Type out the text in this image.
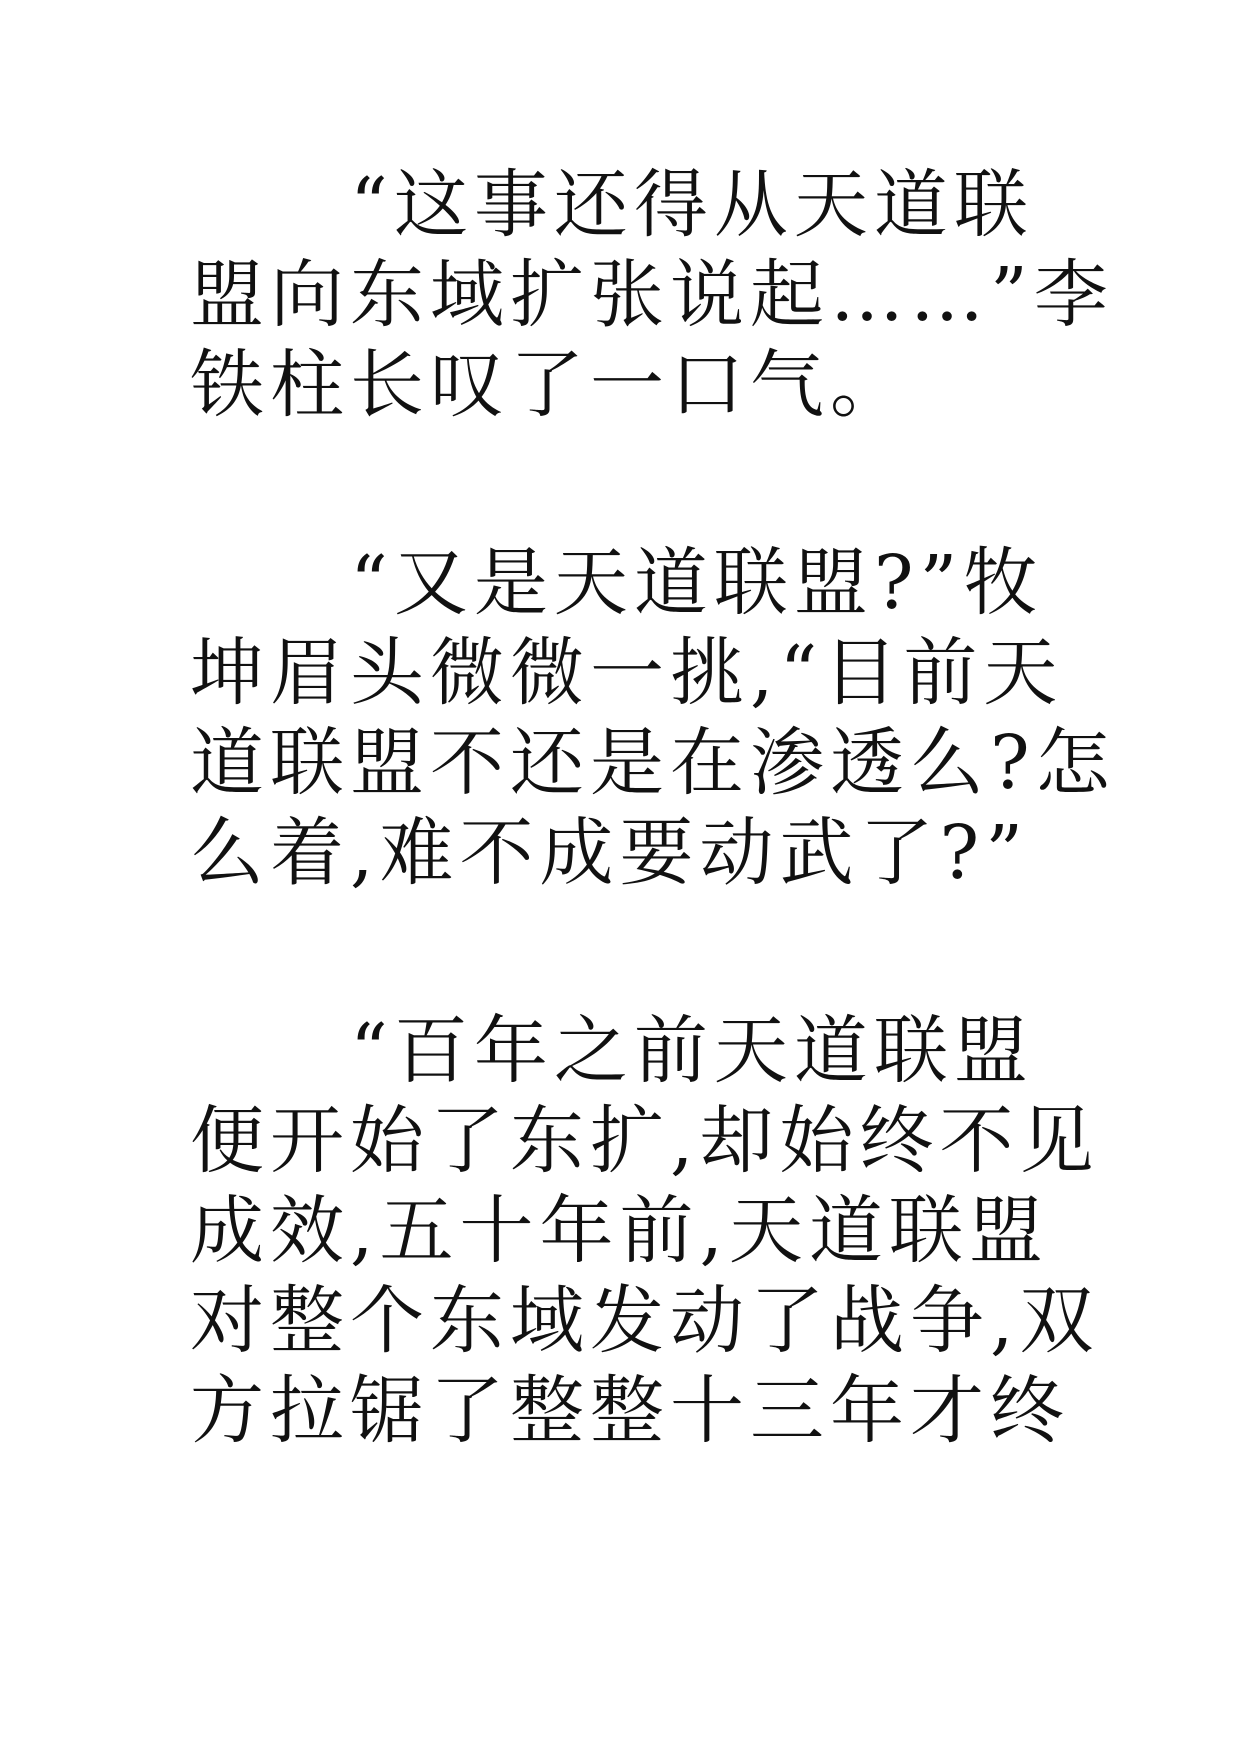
“这事还得从天道联
盟向东域扩张说起……”李
铁柱长叹了一口气。

“又是天道联盟?”牧
坤眉头微微一挑,“目前天
道联盟不还是在渗透么?怎
么着,难不成要动武了?”

“百年之前天道联盟
便开始了东扩,却始终不见
成效,五十年前,天道联盟
对整个东域发动了战争,双
方拉锯了整整十三年才终
